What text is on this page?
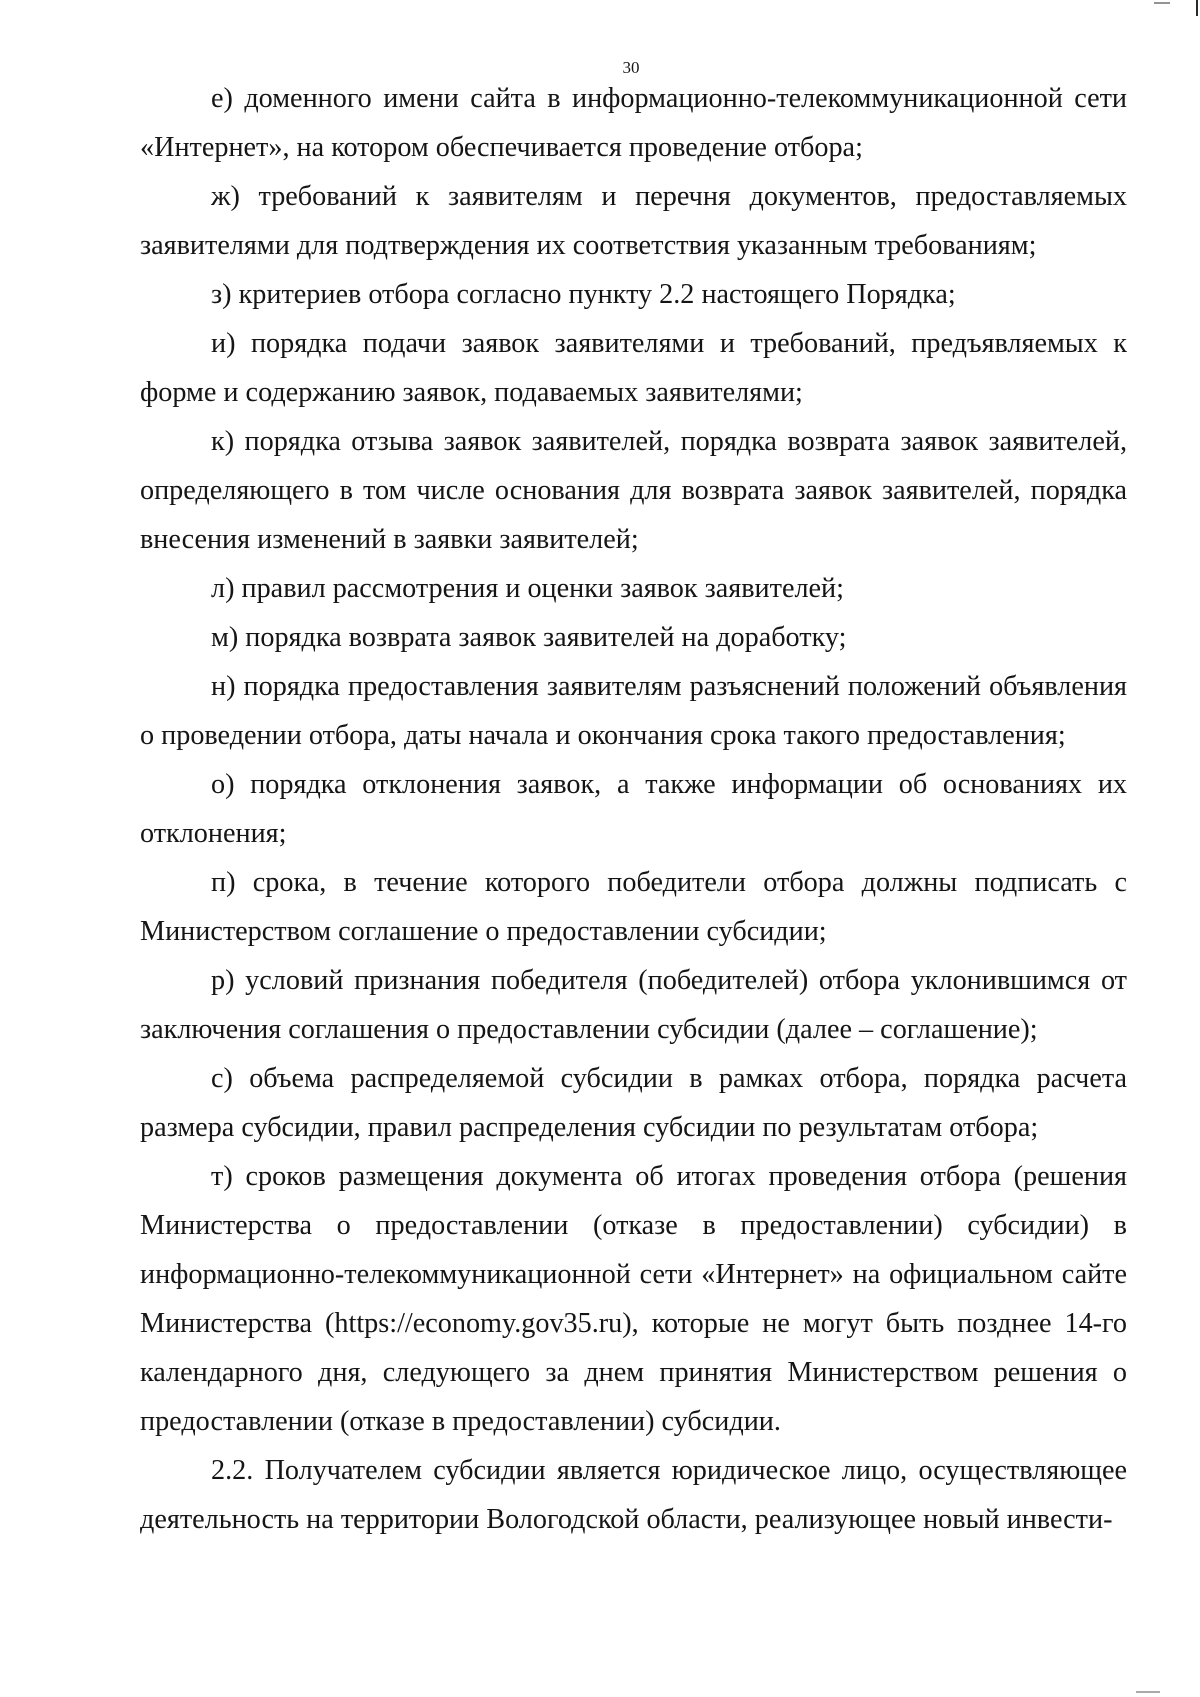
30

е) доменного имени сайта в информационно-телекоммуникационной сети «Интернет», на котором обеспечивается проведение отбора;

ж) требований к заявителям и перечня документов, предоставляемых заявителями для подтверждения их соответствия указанным требованиям;

з) критериев отбора согласно пункту 2.2 настоящего Порядка;

и) порядка подачи заявок заявителями и требований, предъявляемых к форме и содержанию заявок, подаваемых заявителями;

к) порядка отзыва заявок заявителей, порядка возврата заявок заявителей, определяющего в том числе основания для возврата заявок заявителей, порядка внесения изменений в заявки заявителей;

л) правил рассмотрения и оценки заявок заявителей;

м) порядка возврата заявок заявителей на доработку;

н) порядка предоставления заявителям разъяснений положений объявления о проведении отбора, даты начала и окончания срока такого предоставления;

о) порядка отклонения заявок, а также информации об основаниях их отклонения;

п) срока, в течение которого победители отбора должны подписать с Министерством соглашение о предоставлении субсидии;

р) условий признания победителя (победителей) отбора уклонившимся от заключения соглашения о предоставлении субсидии (далее – соглашение);

с) объема распределяемой субсидии в рамках отбора, порядка расчета размера субсидии, правил распределения субсидии по результатам отбора;

т) сроков размещения документа об итогах проведения отбора (решения Министерства о предоставлении (отказе в предоставлении) субсидии) в информационно-телекоммуникационной сети «Интернет» на официальном сайте Министерства (https://economy.gov35.ru), которые не могут быть позднее 14-го календарного дня, следующего за днем принятия Министерством решения о предоставлении (отказе в предоставлении) субсидии.

2.2. Получателем субсидии является юридическое лицо, осуществляющее деятельность на территории Вологодской области, реализующее новый инвести-
